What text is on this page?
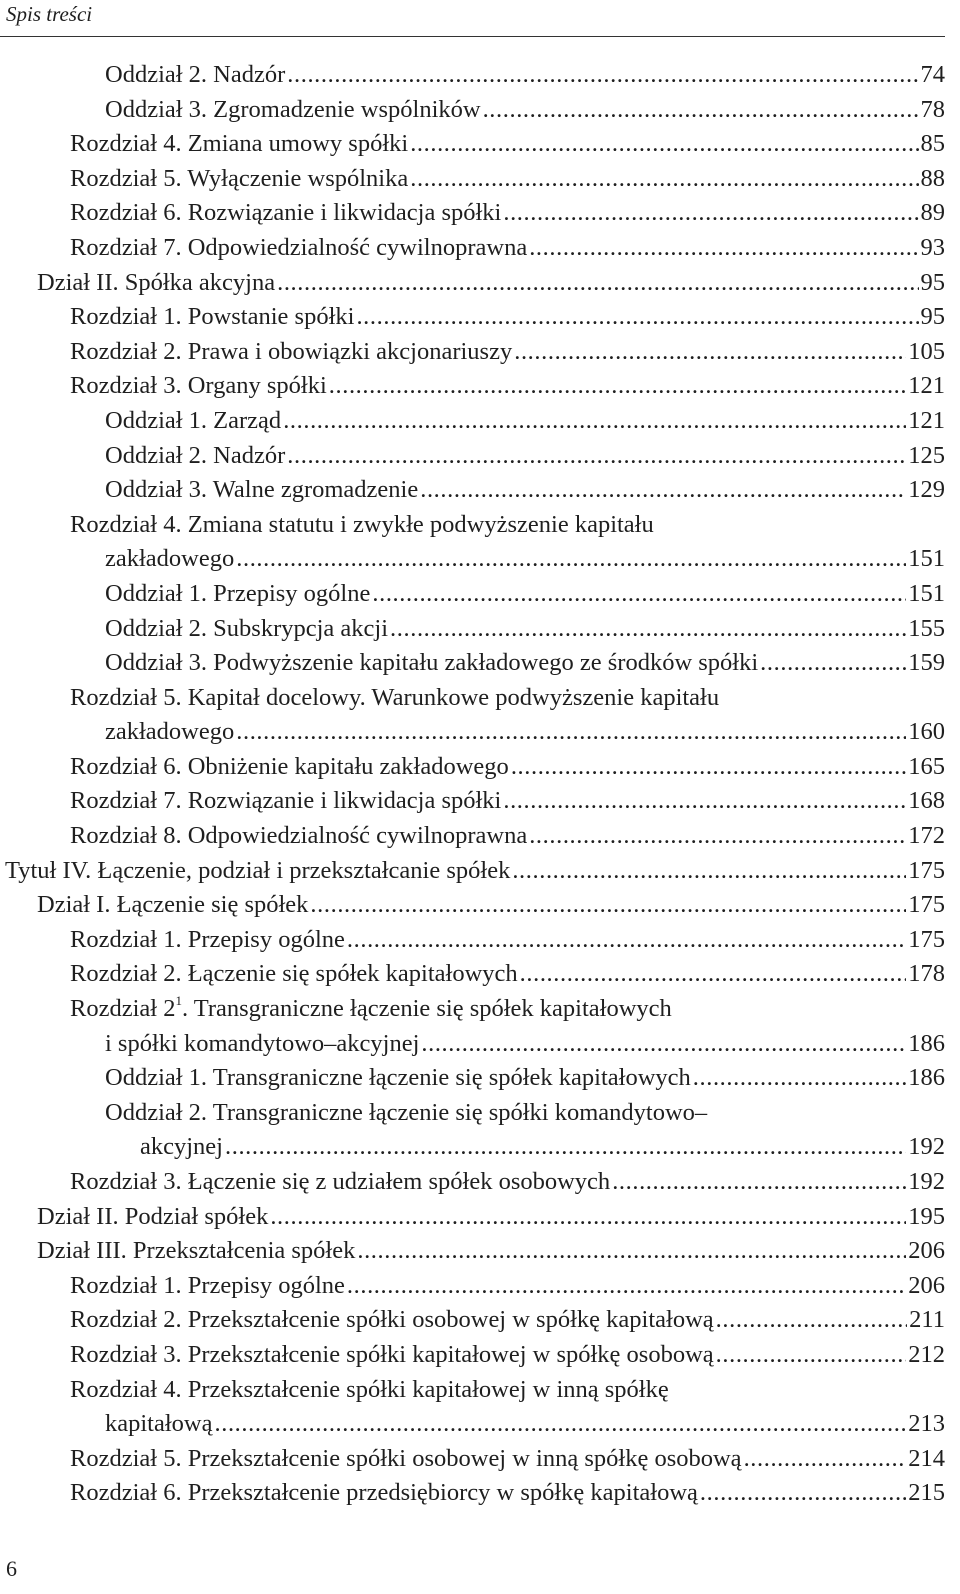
Spis treści
Oddział 2. Nadzór .....	74
Oddział 3. Zgromadzenie wspólników .....	78
Rozdział 4. Zmiana umowy spółki .....	85
Rozdział 5. Wyłączenie wspólnika .....	88
Rozdział 6. Rozwiązanie i likwidacja spółki .....	89
Rozdział 7. Odpowiedzialność cywilnoprawna .....	93
Dział II. Spółka akcyjna .....	95
Rozdział 1. Powstanie spółki .....	95
Rozdział 2. Prawa i obowiązki akcjonariuszy .....	105
Rozdział 3. Organy spółki .....	121
Oddział 1. Zarząd .....	121
Oddział 2. Nadzór .....	125
Oddział 3. Walne zgromadzenie .....	129
Rozdział 4. Zmiana statutu i zwykłe podwyższenie kapitału
zakładowego .....	151
Oddział 1. Przepisy ogólne .....	151
Oddział 2. Subskrypcja akcji .....	155
Oddział 3. Podwyższenie kapitału zakładowego ze środków spółki .....	159
Rozdział 5. Kapitał docelowy. Warunkowe podwyższenie kapitału
zakładowego .....	160
Rozdział 6. Obniżenie kapitału zakładowego .....	165
Rozdział 7. Rozwiązanie i likwidacja spółki .....	168
Rozdział 8. Odpowiedzialność cywilnoprawna .....	172
Tytuł IV. Łączenie, podział i przekształcanie spółek .....	175
Dział I. Łączenie się spółek .....	175
Rozdział 1. Przepisy ogólne .....	175
Rozdział 2. Łączenie się spółek kapitałowych .....	178
Rozdział $2^1$. Transgraniczne łączenie się spółek kapitałowych
i spółki komandytowo–akcyjnej .....	186
Oddział 1. Transgraniczne łączenie się spółek kapitałowych .....	186
Oddział 2. Transgraniczne łączenie się spółki komandytowo–
akcyjnej .....	192
Rozdział 3. Łączenie się z udziałem spółek osobowych .....	192
Dział II. Podział spółek .....	195
Dział III. Przekształcenia spółek .....	206
Rozdział 1. Przepisy ogólne .....	206
Rozdział 2. Przekształcenie spółki osobowej w spółkę kapitałową .....	211
Rozdział 3. Przekształcenie spółki kapitałowej w spółkę osobową .....	212
Rozdział 4. Przekształcenie spółki kapitałowej w inną spółkę
kapitałową .....	213
Rozdział 5. Przekształcenie spółki osobowej w inną spółkę osobową .....	214
Rozdział 6. Przekształcenie przedsiębiorcy w spółkę kapitałową .....	215
6
